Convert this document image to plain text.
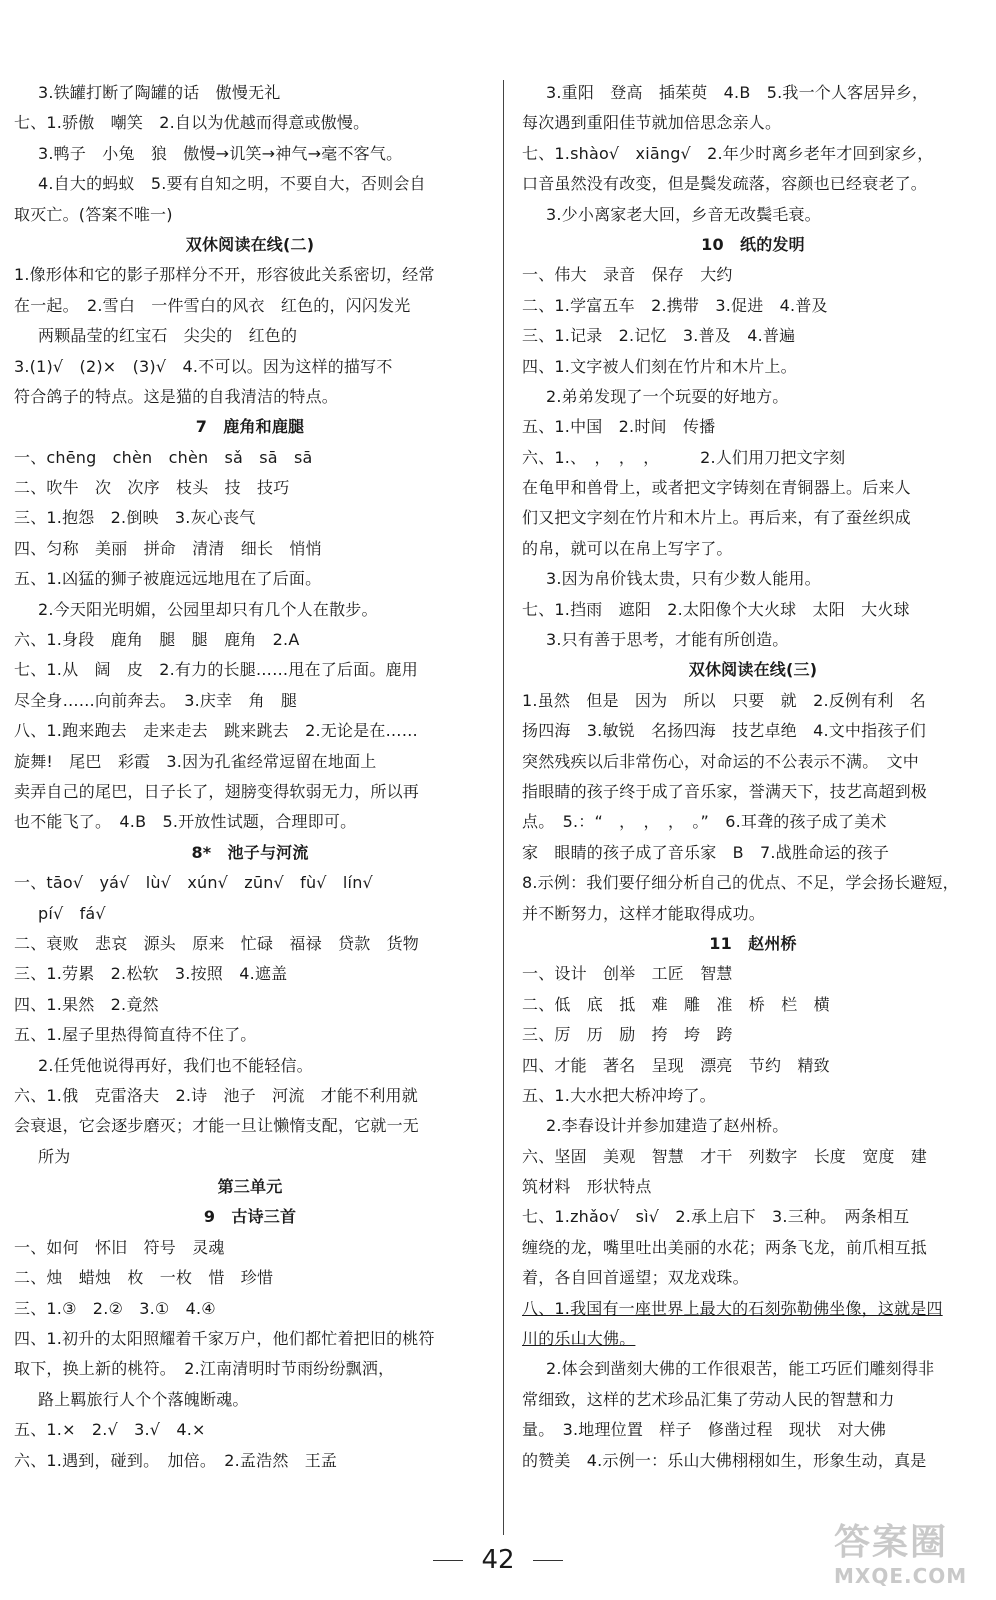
3.铁罐打断了陶罐的话　傲慢无礼
七、1.骄傲　嘲笑　2.自以为优越而得意或傲慢。
3.鸭子　小兔　狼　傲慢→讥笑→神气→毫不客气。
4.自大的蚂蚁　5.要有自知之明，不要自大，否则会自
取灭亡。(答案不唯一)
双休阅读在线(二)
1.像形体和它的影子那样分不开，形容彼此关系密切，经常
在一起。　2.雪白　一件雪白的风衣　红色的，闪闪发光
两颗晶莹的红宝石　尖尖的　红色的
3.(1)√　(2)×　(3)√　4.不可以。因为这样的描写不
符合鸽子的特点。这是猫的自我清洁的特点。
7　鹿角和鹿腿
一、chēng　chèn　chèn　sǎ　sā　sā
二、吹牛　次　次序　枝头　技　技巧
三、1.抱怨　2.倒映　3.灰心丧气
四、匀称　美丽　拼命　清清　细长　悄悄
五、1.凶猛的狮子被鹿远远地甩在了后面。
2.今天阳光明媚，公园里却只有几个人在散步。
六、1.身段　鹿角　腿　腿　鹿角　2.A
七、1.从　阔　皮　2.有力的长腿……甩在了后面。鹿用
尽全身……向前奔去。　3.庆幸　角　腿
八、1.跑来跑去　走来走去　跳来跳去　2.无论是在……
旋舞!　尾巴　彩霞　3.因为孔雀经常逗留在地面上
卖弄自己的尾巴，日子长了，翅膀变得软弱无力，所以再
也不能飞了。　4.B　5.开放性试题，合理即可。
8*　池子与河流
一、tāo√　yá√　lù√　xún√　zūn√　fù√　lín√
pí√　fá√
二、衰败　悲哀　源头　原来　忙碌　福禄　贷款　货物
三、1.劳累　2.松软　3.按照　4.遮盖
四、1.果然　2.竟然
五、1.屋子里热得简直待不住了。
2.任凭他说得再好，我们也不能轻信。
六、1.俄　克雷洛夫　2.诗　池子　河流　才能不利用就
会衰退，它会逐步磨灭；才能一旦让懒惰支配，它就一无
所为
第三单元
9　古诗三首
一、如何　怀旧　符号　灵魂
二、烛　蜡烛　枚　一枚　惜　珍惜
三、1.③　2.②　3.①　4.④
四、1.初升的太阳照耀着千家万户，他们都忙着把旧的桃符
取下，换上新的桃符。　2.江南清明时节雨纷纷飘洒，
路上羁旅行人个个落魄断魂。
五、1.×　2.√　3.√　4.×
六、1.遇到，碰到。　加倍。　2.孟浩然　王孟
3.重阳　登高　插茱萸　4.B　5.我一个人客居异乡，
每次遇到重阳佳节就加倍思念亲人。
七、1.shào√　xiāng√　2.年少时离乡老年才回到家乡，
口音虽然没有改变，但是鬓发疏落，容颜也已经衰老了。
3.少小离家老大回，乡音无改鬓毛衰。
10　纸的发明
一、伟大　录音　保存　大约
二、1.学富五车　2.携带　3.促进　4.普及
三、1.记录　2.记忆　3.普及　4.普遍
四、1.文字被人们刻在竹片和木片上。
2.弟弟发现了一个玩耍的好地方。
五、1.中国　2.时间　传播
六、1.、　，　，　，　　　2.人们用刀把文字刻
在龟甲和兽骨上，或者把文字铸刻在青铜器上。后来人
们又把文字刻在竹片和木片上。再后来，有了蚕丝织成
的帛，就可以在帛上写字了。
3.因为帛价钱太贵，只有少数人能用。
七、1.挡雨　遮阳　2.太阳像个大火球　太阳　大火球
3.只有善于思考，才能有所创造。
双休阅读在线(三)
1.虽然　但是　因为　所以　只要　就　2.反例有利　名
扬四海　3.敏锐　名扬四海　技艺卓绝　4.文中指孩子们
突然残疾以后非常伤心，对命运的不公表示不满。　文中
指眼睛的孩子终于成了音乐家，誉满天下，技艺高超到极
点。　5.：“　，　，　，　。”　6.耳聋的孩子成了美术
家　眼睛的孩子成了音乐家　B　7.战胜命运的孩子
8.示例：我们要仔细分析自己的优点、不足，学会扬长避短，
并不断努力，这样才能取得成功。
11　赵州桥
一、设计　创举　工匠　智慧
二、低　底　抵　难　雕　准　桥　栏　横
三、厉　历　励　挎　垮　跨
四、才能　著名　呈现　漂亮　节约　精致
五、1.大水把大桥冲垮了。
2.李春设计并参加建造了赵州桥。
六、坚固　美观　智慧　才干　列数字　长度　宽度　建
筑材料　形状特点
七、1.zhǎo√　sì√　2.承上启下　3.三种。　两条相互
缠绕的龙，嘴里吐出美丽的水花；两条飞龙，前爪相互抵
着，各自回首遥望；双龙戏珠。
八、1.我国有一座世界上最大的石刻弥勒佛坐像，这就是四
川的乐山大佛。
2.体会到凿刻大佛的工作很艰苦，能工巧匠们雕刻得非
常细致，这样的艺术珍品汇集了劳动人民的智慧和力
量。　3.地理位置　样子　修凿过程　现状　对大佛
的赞美　4.示例一：乐山大佛栩栩如生，形象生动，真是
42	答案圈
MXQE.COM
